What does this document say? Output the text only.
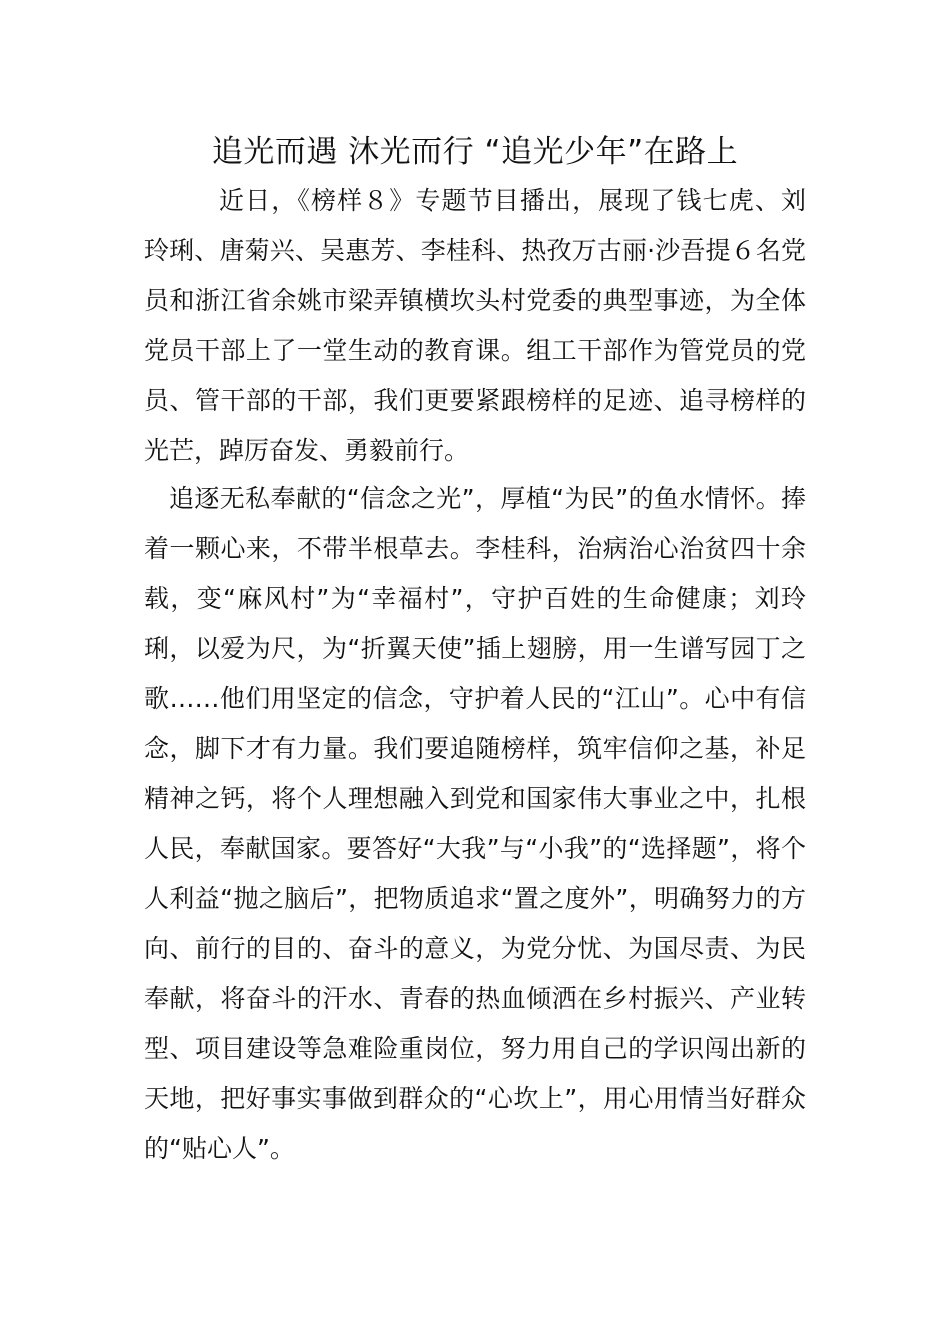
追光而遇 沐光而行 “追光少年”在路上

近日，《榜样８》专题节目播出，展现了钱七虎、刘玲琍、唐菊兴、吴惠芳、李桂科、热孜万古丽·沙吾提６名党员和浙江省余姚市梁弄镇横坎头村党委的典型事迹，为全体党员干部上了一堂生动的教育课。组工干部作为管党员的党员、管干部的干部，我们更要紧跟榜样的足迹、追寻榜样的光芒，踔厉奋发、勇毅前行。

追逐无私奉献的“信念之光”，厚植“为民”的鱼水情怀。捧着一颗心来，不带半根草去。李桂科，治病治心治贫四十余载，变“麻风村”为“幸福村”，守护百姓的生命健康；刘玲琍，以爱为尺，为“折翼天使”插上翅膀，用一生谱写园丁之歌……他们用坚定的信念，守护着人民的“江山”。心中有信念，脚下才有力量。我们要追随榜样，筑牢信仰之基，补足精神之钙，将个人理想融入到党和国家伟大事业之中，扎根人民，奉献国家。要答好“大我”与“小我”的“选择题”，将个人利益“抛之脑后”，把物质追求“置之度外”，明确努力的方向、前行的目的、奋斗的意义，为党分忧、为国尽责、为民奉献，将奋斗的汗水、青春的热血倾洒在乡村振兴、产业转型、项目建设等急难险重岗位，努力用自己的学识闯出新的天地，把好事实事做到群众的“心坎上”，用心用情当好群众的“贴心人”。
